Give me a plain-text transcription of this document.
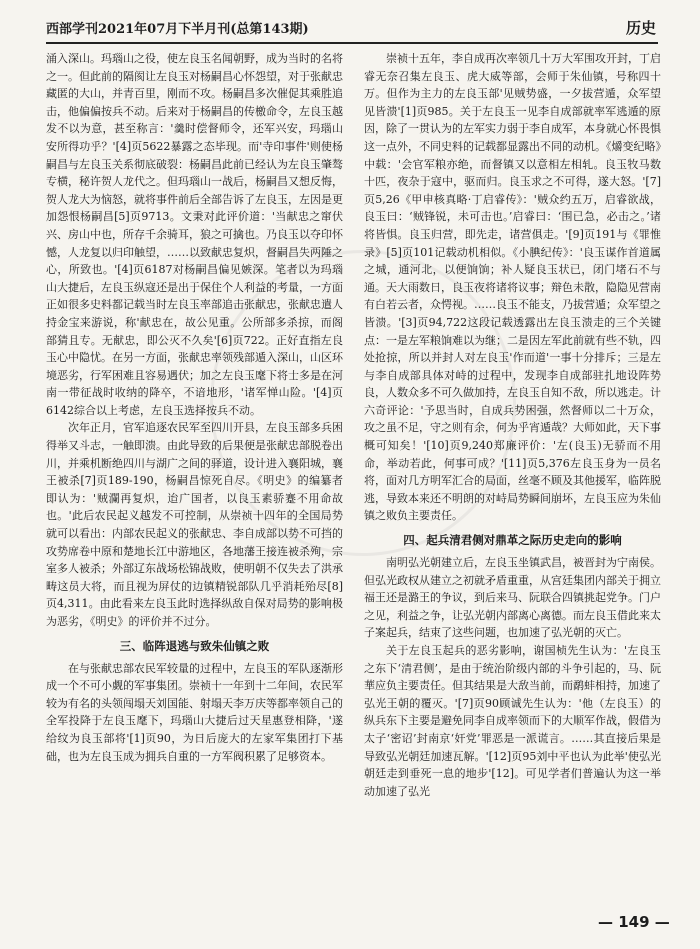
西部学刊2021年07月下半月刊(总第143期)	历史

涌入深山。玛瑙山之役，使左良玉名闻朝野，成为当时的名将之一。但此前的隔阂让左良玉对杨嗣昌心怀怨望，对于张献忠藏匿的大山，并青百里，刚而不攻。杨嗣昌多次催促其乘胜追击，他偏偏按兵不动。后来对于杨嗣昌的传檄命令，左良玉越发不以为意，甚至称言：'羹时偿督师令，还军兴安，玛瑙山安所得功乎？'[4]页5622暴露之态毕现。而'寺印事件'则使杨嗣昌与左良玉关系彻底破裂：杨嗣昌此前已经认为左良玉肇骜专横，秘许贺人龙代之。但玛瑙山一战后，杨嗣昌又想反悔，贺人龙大为恼怒，就将事件前后全部告诉了左良玉，左因是更加怨恨杨嗣昌[5]页9713。文秉对此评价道：'当献忠之窜伏兴、房山中也，所存千余骑耳，狼之可擒也。乃良玉以夺印怀憾，人龙复以归印触望，……以致献忠复炽，督嗣昌失两陲之心，所致也。'[4]页6187对杨嗣昌偏见嫉深。笔者以为玛瑙山大捷后，左良玉纵寇还是出于保住个人利益的考量，一方面正如很多史料都记载当时左良玉率部追击张献忠，张献忠遣人持金宝来游说，称'献忠在，故公见重。公所部多杀掠，而阁部猜且专。无献忠，即公灭不久矣'[6]页722。正好直指左良玉心中隐忧。在另一方面，张献忠率领残部遁入深山，山区环境恶劣，行军困难且容易遇伏；加之左良玉麾下将士多是在河南一带征战时收纳的降卒，不谙地形，'诸军惮山险。'[4]页6142综合以上考虑，左良玉选择按兵不动。

次年正月，官军追逐农民军至四川开县，左良玉部多兵困得举又斗志，一触即溃。由此导致的后果便是张献忠部脱卷出川，并乘机断绝四川与湖广之间的驿道，设计进入襄阳城，襄王被杀[7]页189-190，杨嗣昌惊死自尽。《明史》的编纂者即认为：'贼瀾再复炽，迨广国者，以良玉素骄蹇不用命故也。'此后农民起义越发不可控制，从崇祯十四年的全国局势就可以看出：内部农民起义的张献忠、李自成部以势不可挡的攻势席卷中原和楚地长江中游地区，各地藩王接连被杀殉，宗室多人被杀；外部辽东战场松锦战败，使明朝不仅失去了洪承畴这员大将，而且视为屏仗的边镇精锐部队几乎消耗殆尽[8]页4,311。由此看来左良玉此时选择纵敌自保对局势的影响极为恶劣，《明史》的评价并不过分。

三、临阵退逃与致朱仙镇之败

在与张献忠部农民军较量的过程中，左良玉的军队逐渐形成一个不可小觑的军事集团。崇祯十一年到十二年间，农民军较为有名的头领闯塌天刘国能、射塌天李万庆等都率领自己的全军投降于左良玉麾下，玛瑙山大捷后过天星惠登相降，'遂给纹为良玉部将'[1]页90，为日后庞大的左家军集团打下基础，也为左良玉成为拥兵自重的一方军阀积累了足够资本。

崇祯十五年，李自成再次率领几十万大军围攻开封，丁启睿无奈召集左良玉、虎大威等部，会师于朱仙镇，号称四十万。但作为主力的左良玉部'见贼势盛，一夕拔营遁，众军望见皆溃'[1]页985。关于左良玉一见李自成部就率军逃遁的原因，除了一贯认为的左军实力弱于李自成军，本身就心怀畏惧这一点外，不同史料的记载都显露出不同的动机。《爝变纪略》中载：'会官军粮亦绝，而督镇又以意相左相轧。良玉牧马数十匹，夜杂于寇中，驱而归。良玉求之不可得，遂大怒。'[7]页5,26《甲申核真略·丁启睿传》：'贼众约五万，启睿欲战，良玉曰：‘贼锋锐，未可击也。’启睿曰：‘围已急，必击之。’诸将皆惧。良玉归营，即先走，诸营俱走。'[9]页191与《罪惟录》[5]页101记载动机相似。《小腆纪传》：'良玉谋作首道属之城，通河北，以便饷饷；补人疑良玉状已，闭门堵石不与通。天大雨数日，良玉夜将诸将议事；辩色未散，隐隐见营南有白若云者，众愕视。……良玉不能支，乃拔营遁；众军望之皆溃。'[3]页94,722这段记载透露出左良玉溃走的三个关键点：一是左军粮饷难以为继；二是因左军此前就有些不轨，四处抢掠，所以并封人对左良玉'作而道'一事十分排斥；三是左与李自成部具体对峙的过程中，发现李自成部驻扎地设阵势良，人数众多不可久做加持，左良玉自知不敌，所以逃走。计六奇评论：'予思当时，自成兵势困强，然督师以二十万众，攻之虽不足，守之则有余，何为乎宵遁哉？大师如此，天下事概可知矣！'[10]页9,240郑廉评价：'左(良玉)无骄而不用命，举动若此，何事可成？'[11]页5,376左良玉身为一员名将，面对几方明军汇合的局面，丝毫不顾及其他援军，临阵脱逃，导致本来还不明朗的对峙局势瞬间崩坏，左良玉应为朱仙镇之败负主要责任。

四、起兵清君侧对鼎革之际历史走向的影响

南明弘光朝建立后，左良玉坐镇武昌，被晋封为宁南侯。但弘光政权从建立之初就矛盾重重，从宫廷集团内部关于拥立福王还是潞王的争议，到后来马、阮联合四镇挑起党争。门户之见，利益之争，让弘光朝内部离心离德。而左良玉借此来太子案起兵，结束了这些问题，也加速了弘光朝的灭亡。

关于左良玉起兵的恶劣影响，谢国桢先生认为：'左良玉之东下‘清君侧’，是由于统治阶级内部的斗争引起的，马、阮華应负主要责任。但其结果是大敌当前，而鹬蚌相持，加速了弘光王朝的覆灭。'[7]页90顾诚先生认为：'他（左良玉）的纵兵东下主要是避免同李自成率领而下的大顺军作战，假借为太子‘密诏’封南京‘奸党’罪恶是一派谎言。……其直接后果是导致弘光朝廷加速瓦解。'[12]页95刘中平也认为此举'使弘光朝廷走到垂死一息的地步'[12]。可见学者们普遍认为这一举动加速了弘光

— 149 —
